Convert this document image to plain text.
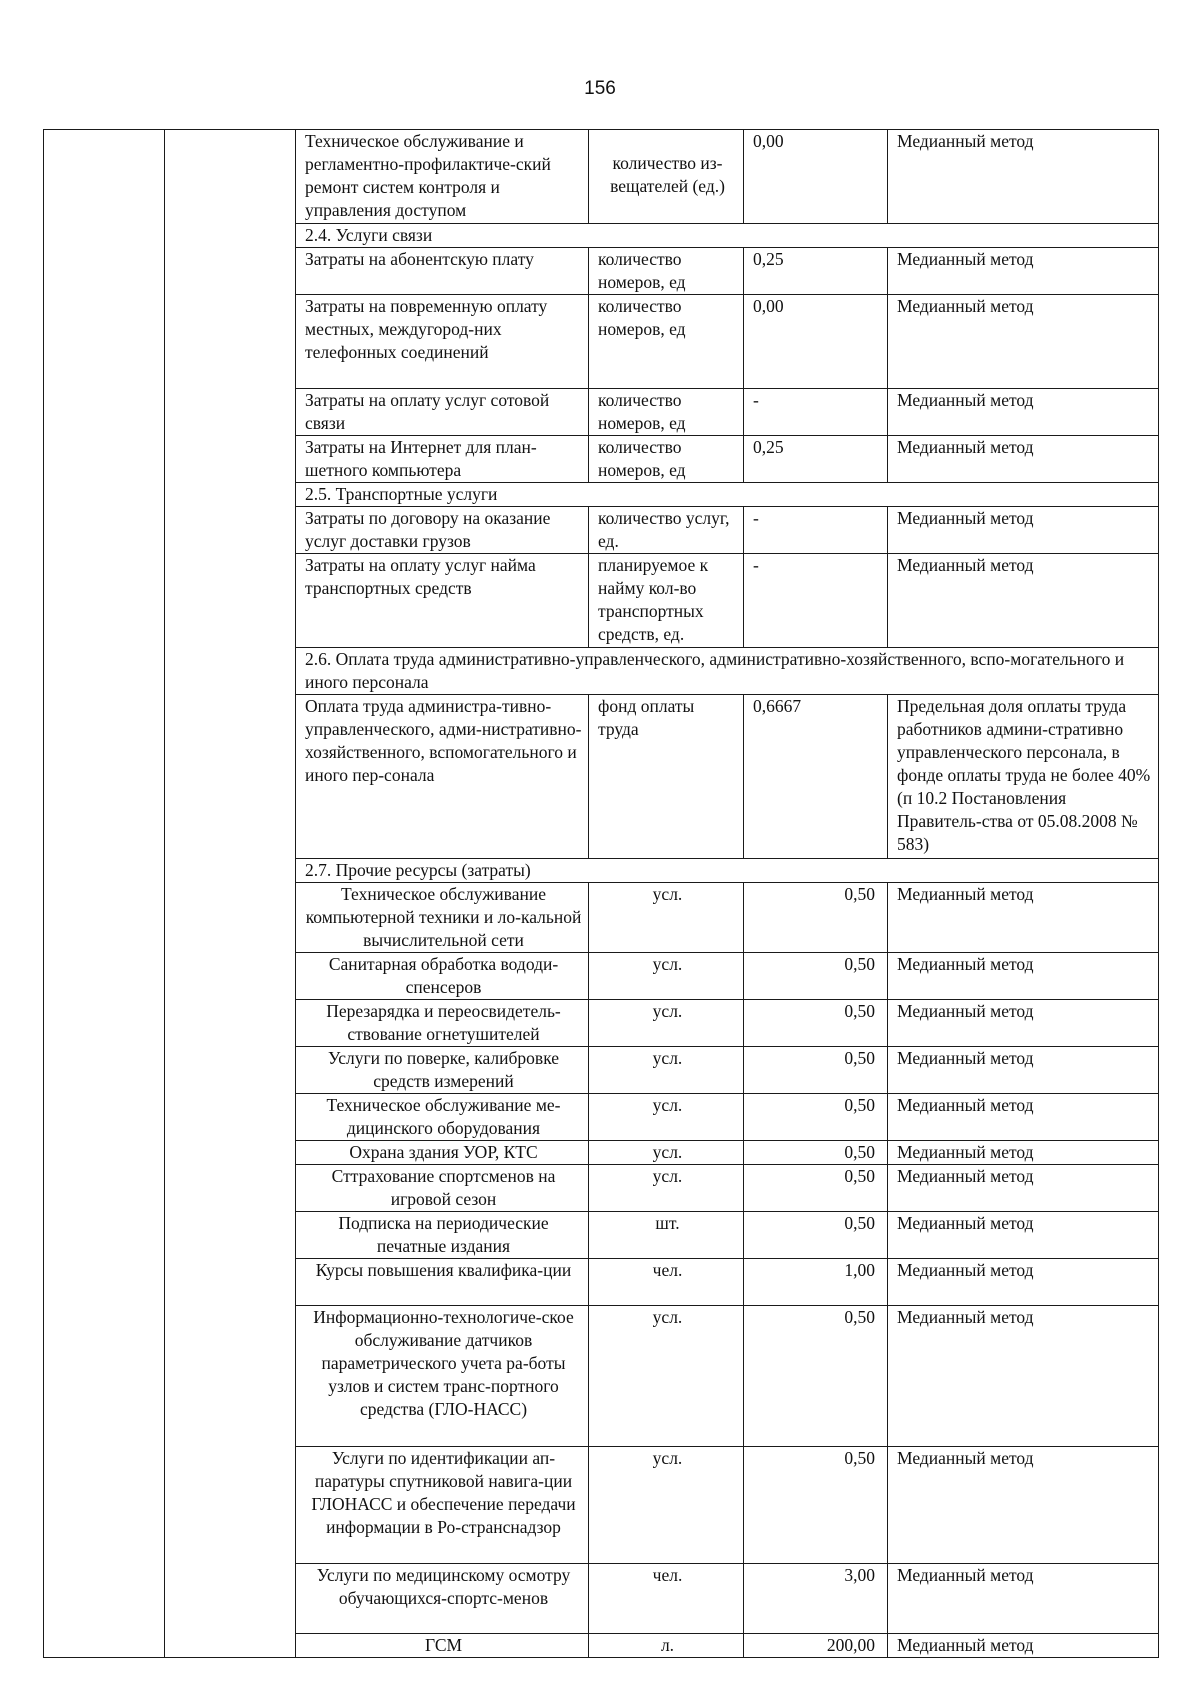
156
		Техническое обслуживание и регламентно-профилактиче-ский ремонт систем контроля и управления доступом	количество из-вещателей (ед.)	0,00	Медианный метод
		2.4. Услуги связи			
		Затраты на абонентскую плату	количество номеров, ед	0,25	Медианный метод
		Затраты на повременную оплату местных, междугород-них телефонных соединений	количество номеров, ед	0,00	Медианный метод
		Затраты на оплату услуг сотовой связи	количество номеров, ед	-	Медианный метод
		Затраты на Интернет для план-шетного компьютера	количество номеров, ед	0,25	Медианный метод
		2.5. Транспортные услуги			
		Затраты по договору на оказание услуг доставки грузов	количество услуг, ед.	-	Медианный метод
		Затраты на оплату услуг найма транспортных средств	планируемое к найму кол-во транспортных средств, ед.	-	Медианный метод
		2.6. Оплата труда административно-управленческого, административно-хозяйственного, вспо-могательного и иного персонала			
		Оплата труда администра-тивно-управленческого, адми-нистративно-хозяйственного, вспомогательного и иного пер-сонала	фонд оплаты труда	0,6667	Предельная доля оплаты труда работников админи-стративно управленческого персонала, в фонде оплаты труда не более 40% (п 10.2 Постановления Правитель-ства от 05.08.2008 № 583)
		2.7. Прочие ресурсы (затраты)			
		Техническое обслуживание компьютерной техники и ло-кальной вычислительной сети	усл.	0,50	Медианный метод
		Санитарная обработка вододи-спенсеров	усл.	0,50	Медианный метод
		Перезарядка и переосвидетель-ствование огнетушителей	усл.	0,50	Медианный метод
		Услуги по поверке, калибровке средств измерений	усл.	0,50	Медианный метод
		Техническое обслуживание ме-дицинского оборудования	усл.	0,50	Медианный метод
		Охрана здания УОР, КТС	усл.	0,50	Медианный метод
		Сттрахование спортсменов на игровой сезон	усл.	0,50	Медианный метод
		Подписка на периодические печатные издания	шт.	0,50	Медианный метод
		Курсы повышения квалифика-ции	чел.	1,00	Медианный метод
		Информационно-технологиче-ское обслуживание датчиков параметрического учета ра-боты узлов и систем транс-портного средства (ГЛО-НАСС)	усл.	0,50	Медианный метод
		Услуги по идентификации ап-паратуры спутниковой навига-ции ГЛОНАСС и обеспечение передачи информации в Ро-странснадзор	усл.	0,50	Медианный метод
		Услуги по медицинскому осмотру обучающихся-спортс-менов	чел.	3,00	Медианный метод
		ГСМ	л.	200,00	Медианный метод
